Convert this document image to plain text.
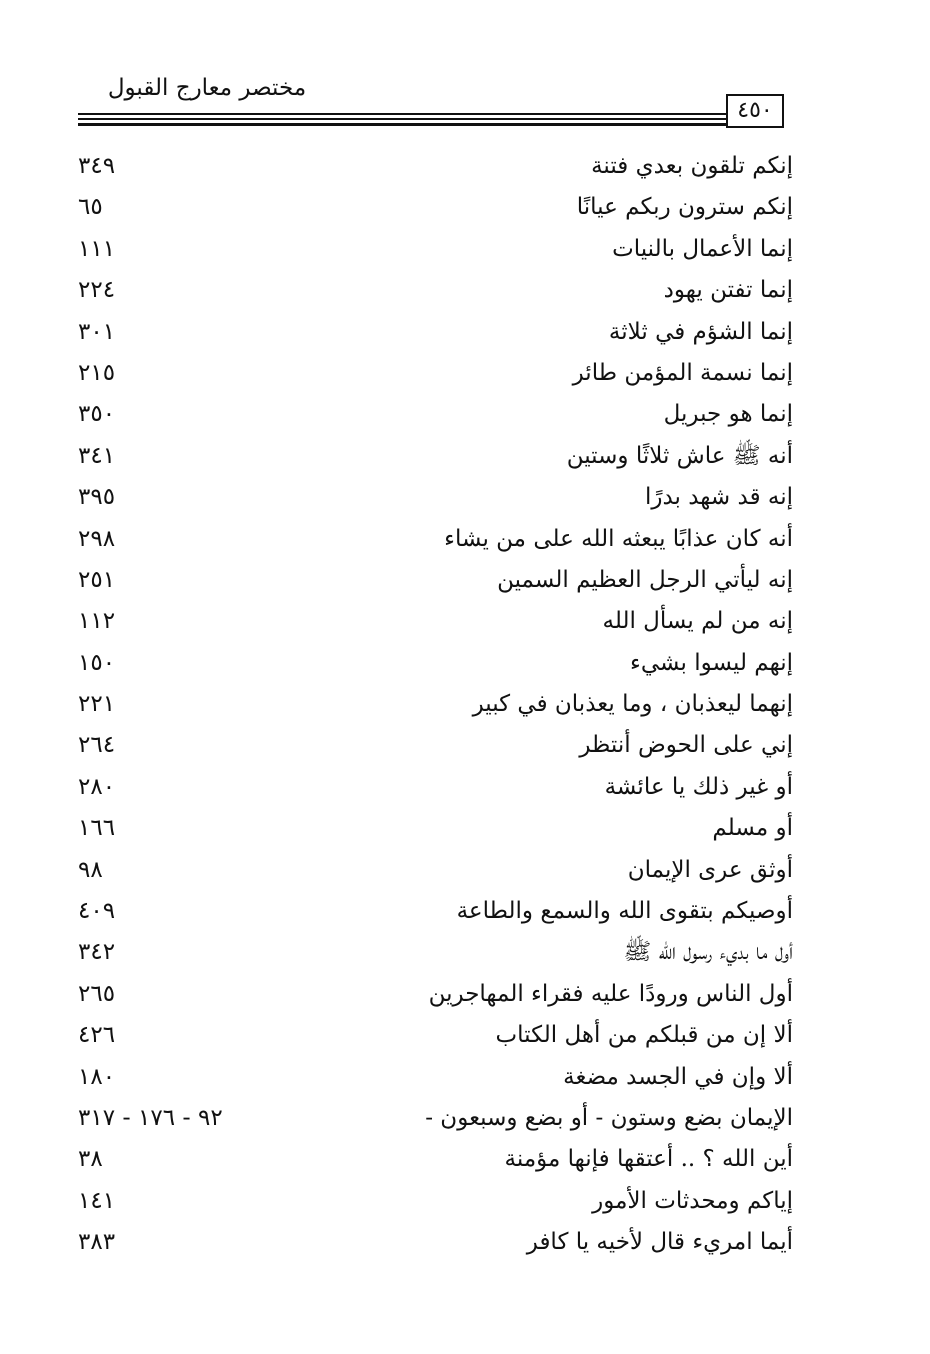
مختصر معارج القبول
٤٥٠
إنكم تلقون بعدي فتنة
٣٤٩
إنكم سترون ربكم عيانًا
٦٥
إنما الأعمال بالنيات
١١١
إنما تفتن يهود
٢٢٤
إنما الشؤم في ثلاثة
٣٠١
إنما نسمة المؤمن طائر
٢١٥
إنما هو جبريل
٣٥٠
أنه ﷺ عاش ثلاثًا وستين
٣٤١
إنه قد شهد بدرًا
٣٩٥
أنه كان عذابًا يبعثه الله على من يشاء
٢٩٨
إنه ليأتي الرجل العظيم السمين
٢٥١
إنه من لم يسأل الله
١١٢
إنهم ليسوا بشيء
١٥٠
إنهما ليعذبان ، وما يعذبان في كبير
٢٢١
إني على الحوض أنتظر
٢٦٤
أو غير ذلك يا عائشة
٢٨٠
أو مسلم
١٦٦
أوثق عرى الإيمان
٩٨
أوصيكم بتقوى الله والسمع والطاعة
٤٠٩
أول ما بديء رسول الله ﷺ
٣٤٢
أول الناس ورودًا عليه فقراء المهاجرين
٢٦٥
ألا إن من قبلكم من أهل الكتاب
٤٢٦
ألا وإن في الجسد مضغة
١٨٠
الإيمان بضع وستون - أو بضع وسبعون -
٩٢ - ١٧٦ - ٣١٧
أين الله ؟ .. أعتقها فإنها مؤمنة
٣٨
إياكم ومحدثات الأمور
١٤١
أيما امريء قال لأخيه يا كافر
٣٨٣
